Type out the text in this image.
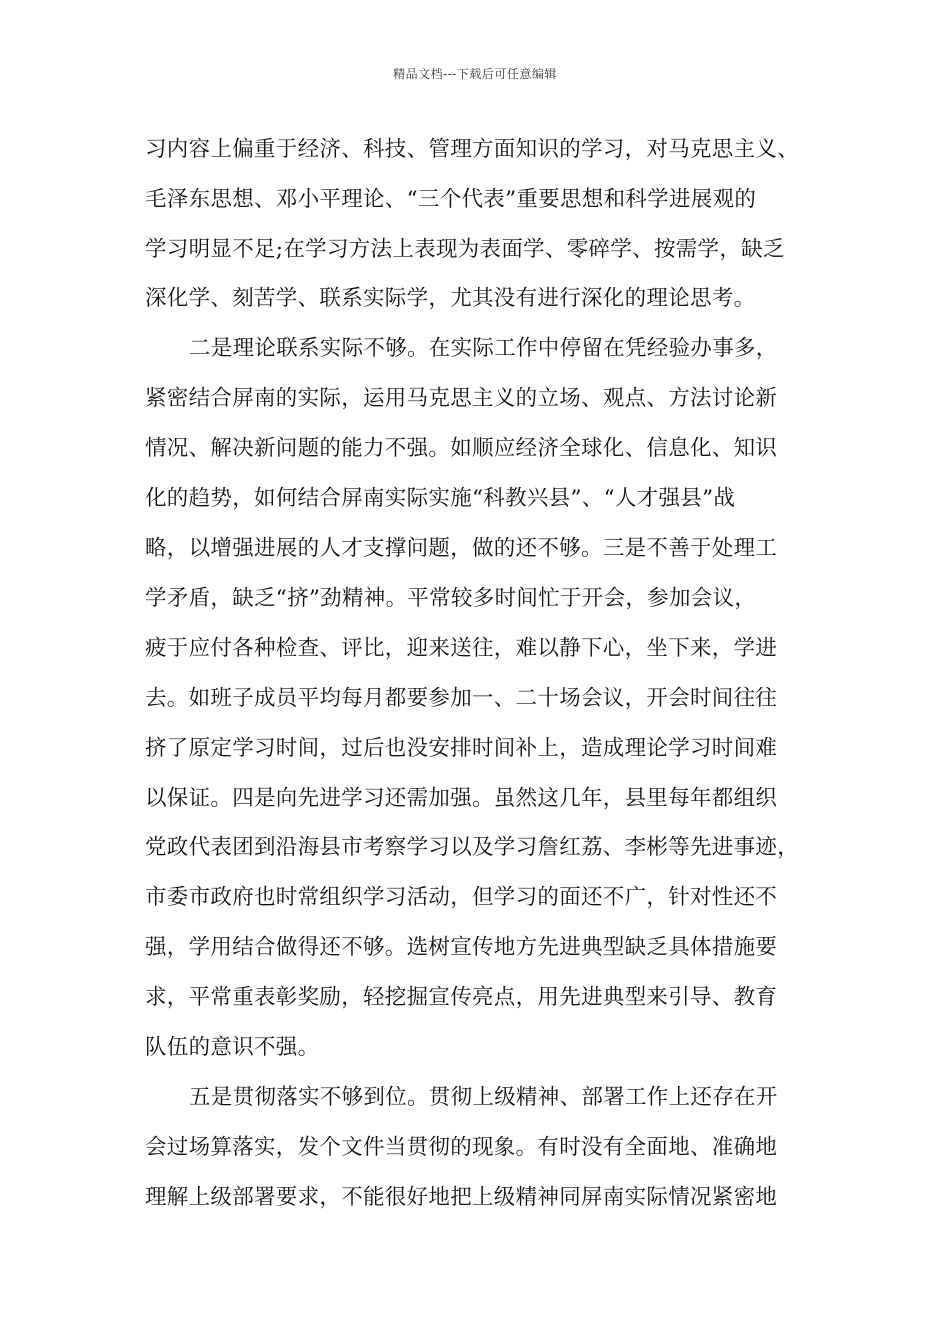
精品文档---下载后可任意编辑
习内容上偏重于经济、科技、管理方面知识的学习，对马克思主义、
毛泽东思想、邓小平理论、“三个代表”重要思想和科学进展观的
学习明显不足;在学习方法上表现为表面学、零碎学、按需学，缺乏
深化学、刻苦学、联系实际学，尤其没有进行深化的理论思考。
二是理论联系实际不够。在实际工作中停留在凭经验办事多，
紧密结合屏南的实际，运用马克思主义的立场、观点、方法讨论新
情况、解决新问题的能力不强。如顺应经济全球化、信息化、知识
化的趋势，如何结合屏南实际实施“科教兴县”、“人才强县”战
略，以增强进展的人才支撑问题，做的还不够。三是不善于处理工
学矛盾，缺乏“挤”劲精神。平常较多时间忙于开会，参加会议，
疲于应付各种检查、评比，迎来送往，难以静下心，坐下来，学进
去。如班子成员平均每月都要参加一、二十场会议，开会时间往往
挤了原定学习时间，过后也没安排时间补上，造成理论学习时间难
以保证。四是向先进学习还需加强。虽然这几年，县里每年都组织
党政代表团到沿海县市考察学习以及学习詹红荔、李彬等先进事迹，
市委市政府也时常组织学习活动，但学习的面还不广，针对性还不
强，学用结合做得还不够。选树宣传地方先进典型缺乏具体措施要
求，平常重表彰奖励，轻挖掘宣传亮点，用先进典型来引导、教育
队伍的意识不强。
五是贯彻落实不够到位。贯彻上级精神、部署工作上还存在开
会过场算落实，发个文件当贯彻的现象。有时没有全面地、准确地
理解上级部署要求，不能很好地把上级精神同屏南实际情况紧密地
